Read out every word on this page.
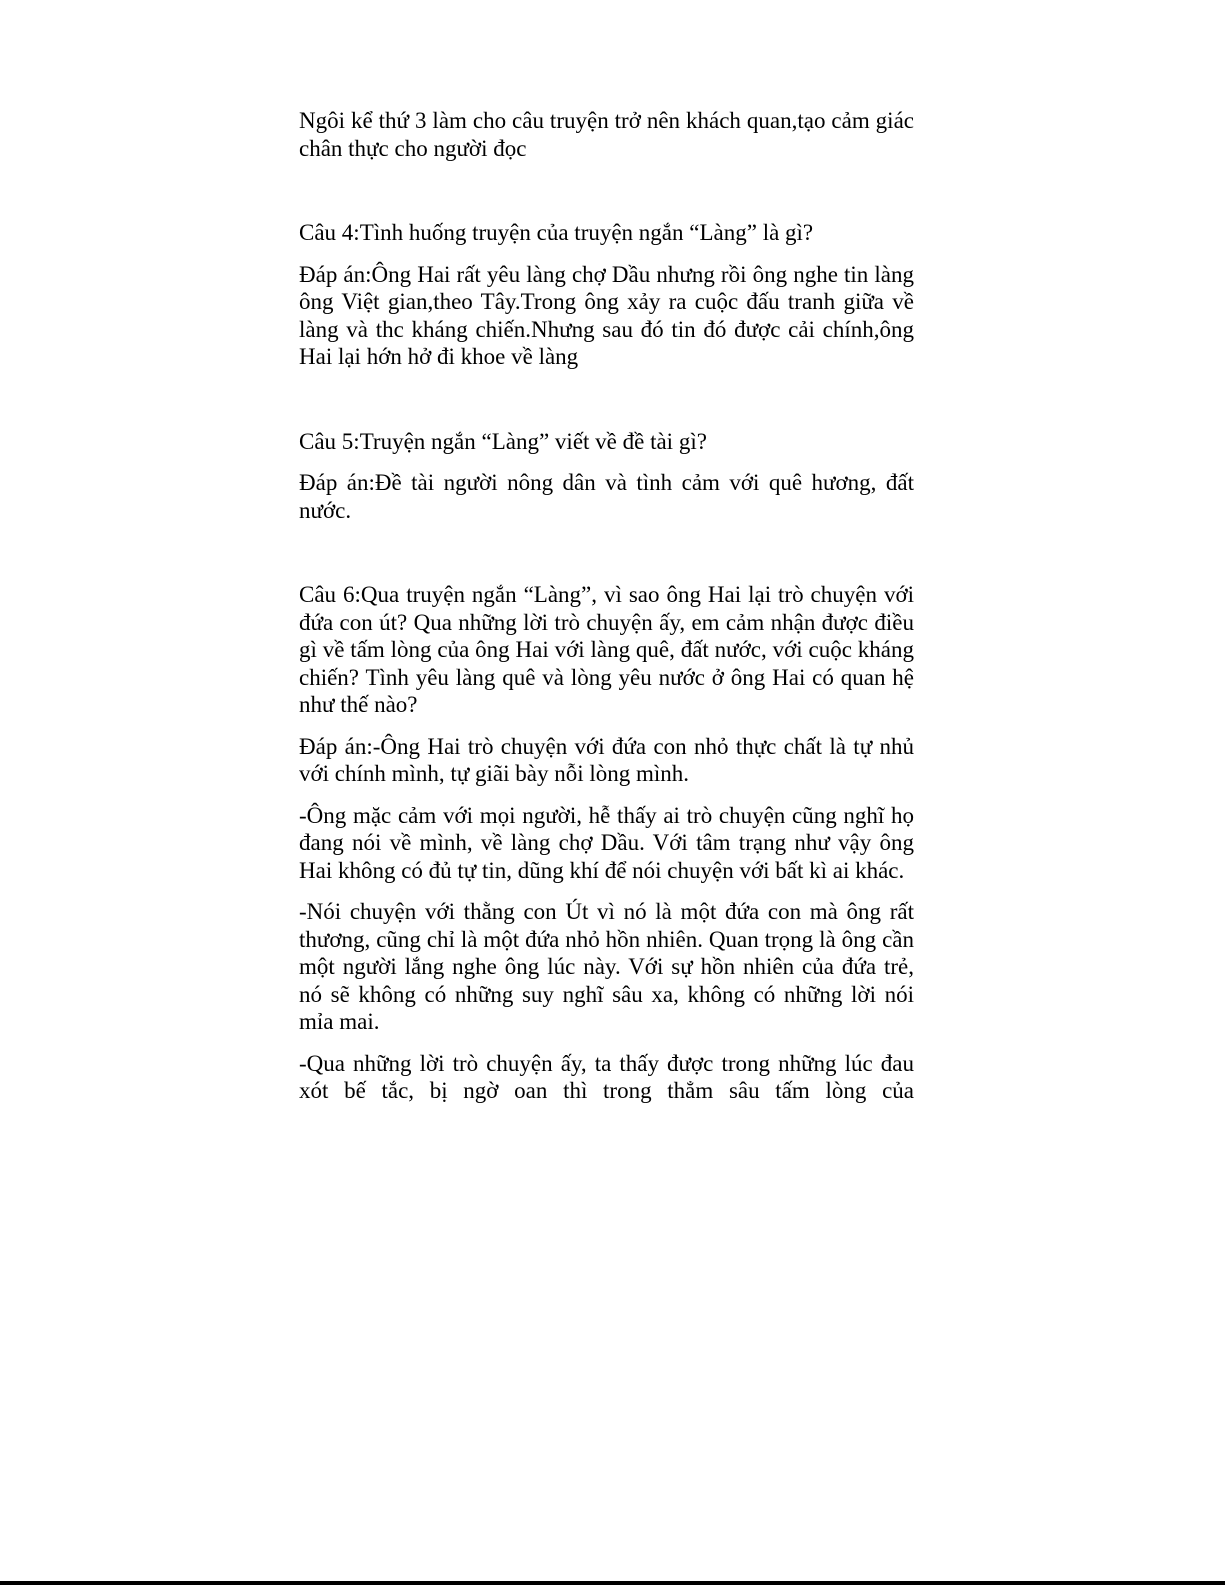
Ngôi kể thứ 3 làm cho câu truyện trở nên khách quan,tạo cảm giác chân thực cho người đọc

Câu 4:Tình huống truyện của truyện ngắn “Làng” là gì?

Đáp án:Ông Hai rất yêu làng chợ Dầu nhưng rồi ông nghe tin làng ông Việt gian,theo Tây.Trong ông xảy ra cuộc đấu tranh giữa về làng và thc kháng chiến.Nhưng sau đó tin đó được cải chính,ông Hai lại hớn hở đi khoe về làng

Câu 5:Truyện ngắn “Làng” viết về đề tài gì?

Đáp án:Đề tài người nông dân và tình cảm với quê hương, đất nước.

Câu 6:Qua truyện ngắn “Làng”, vì sao ông Hai lại trò chuyện với đứa con út? Qua những lời trò chuyện ấy, em cảm nhận được điều gì về tấm lòng của ông Hai với làng quê, đất nước, với cuộc kháng chiến? Tình yêu làng quê và lòng yêu nước ở ông Hai có quan hệ như thế nào?

Đáp án:-Ông Hai trò chuyện với đứa con nhỏ thực chất là tự nhủ với chính mình, tự giãi bày nỗi lòng mình.

-Ông mặc cảm với mọi người, hễ thấy ai trò chuyện cũng nghĩ họ đang nói về mình, về làng chợ Dầu. Với tâm trạng như vậy ông Hai không có đủ tự tin, dũng khí để nói chuyện với bất kì ai khác.

-Nói chuyện với thằng con Út vì nó là một đứa con mà ông rất thương, cũng chỉ là một đứa nhỏ hồn nhiên. Quan trọng là ông cần một người lắng nghe ông lúc này. Với sự hồn nhiên của đứa trẻ, nó sẽ không có những suy nghĩ sâu xa, không có những lời nói mỉa mai.

-Qua những lời trò chuyện ấy, ta thấy được trong những lúc đau xót bế tắc, bị ngờ oan thì trong thẳm sâu tấm lòng của
